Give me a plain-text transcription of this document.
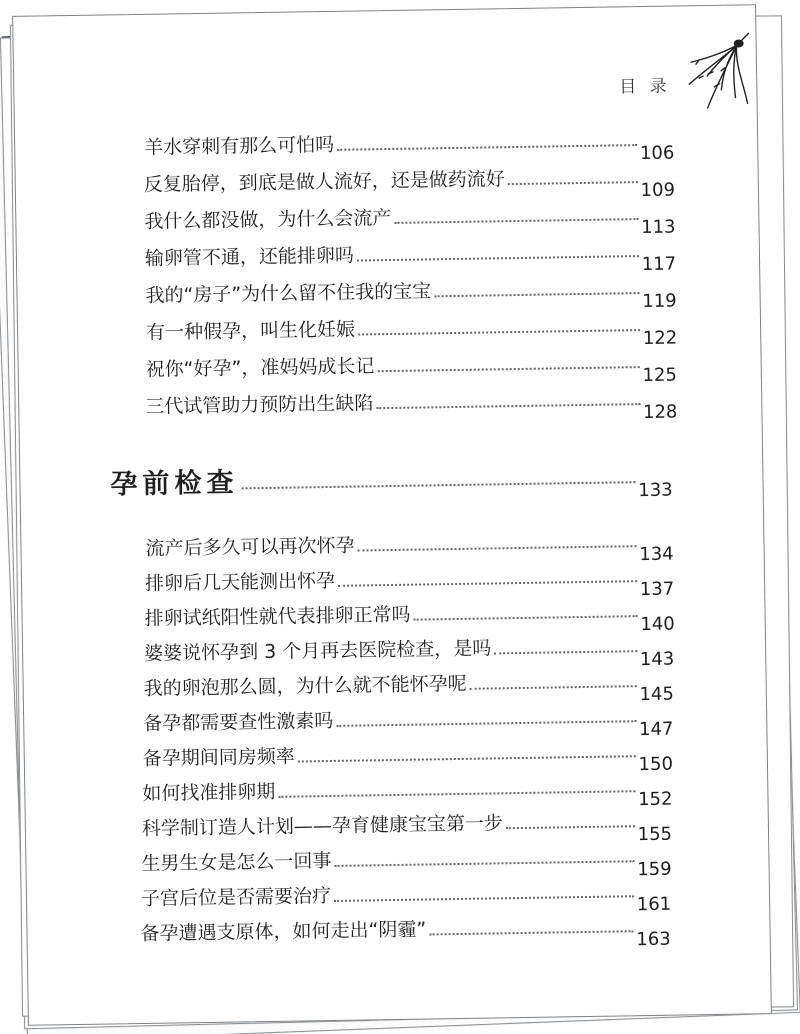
目 录
羊水穿刺有那么可怕吗	106
反复胎停，到底是做人流好，还是做药流好	109
我什么都没做，为什么会流产	113
输卵管不通，还能排卵吗	117
我的“房子”为什么留不住我的宝宝	119
有一种假孕，叫生化妊娠	122
祝你“好孕”，准妈妈成长记	125
三代试管助力预防出生缺陷	128
孕前检查	133
流产后多久可以再次怀孕	134
排卵后几天能测出怀孕	137
排卵试纸阳性就代表排卵正常吗	140
婆婆说怀孕到 3 个月再去医院检查，是吗	143
我的卵泡那么圆，为什么就不能怀孕呢	145
备孕都需要查性激素吗	147
备孕期间同房频率	150
如何找准排卵期	152
科学制订造人计划——孕育健康宝宝第一步	155
生男生女是怎么一回事	159
子宫后位是否需要治疗	161
备孕遭遇支原体，如何走出“阴霾”	163
